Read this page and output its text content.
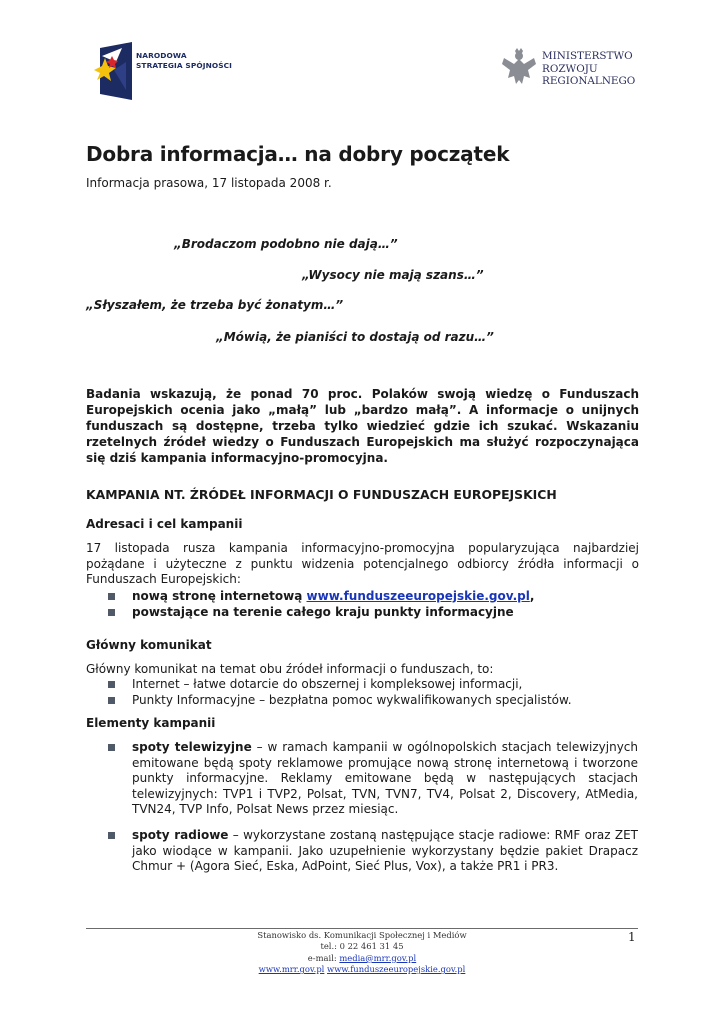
NARODOWA
STRATEGIA SPÓJNOŚCI
MINISTERSTWO
ROZWOJU
REGIONALNEGO
Dobra informacja… na dobry początek
Informacja prasowa, 17 listopada 2008 r.
„Brodaczom podobno nie dają…”
„Wysocy nie mają szans…”
„Słyszałem, że trzeba być żonatym…”
„Mówią, że pianiści to dostają od razu…”
Badania wskazują, że ponad 70 proc. Polaków swoją wiedzę o Funduszach Europejskich ocenia jako „małą” lub „bardzo małą”. A informacje o unijnych funduszach są dostępne, trzeba tylko wiedzieć gdzie ich szukać. Wskazaniu rzetelnych źródeł wiedzy o Funduszach Europejskich ma służyć rozpoczynająca się dziś kampania informacyjno-promocyjna.
KAMPANIA NT. ŹRÓDEŁ INFORMACJI O FUNDUSZACH EUROPEJSKICH
Adresaci i cel kampanii
17 listopada rusza kampania informacyjno-promocyjna popularyzująca najbardziej pożądane i użyteczne z punktu widzenia potencjalnego odbiorcy źródła informacji o Funduszach Europejskich:
nową stronę internetową www.funduszeeuropejskie.gov.pl,
powstające na terenie całego kraju punkty informacyjne
Główny komunikat
Główny komunikat na temat obu źródeł informacji o funduszach, to:
Internet – łatwe dotarcie do obszernej i kompleksowej informacji,
Punkty Informacyjne – bezpłatna pomoc wykwalifikowanych specjalistów.
Elementy kampanii
spoty telewizyjne – w ramach kampanii w ogólnopolskich stacjach telewizyjnych emitowane będą spoty reklamowe promujące nową stronę internetową i tworzone punkty informacyjne. Reklamy emitowane będą w następujących stacjach telewizyjnych: TVP1 i TVP2, Polsat, TVN, TVN7, TV4, Polsat 2, Discovery, AtMedia, TVN24, TVP Info, Polsat News przez miesiąc.
spoty radiowe – wykorzystane zostaną następujące stacje radiowe: RMF oraz ZET jako wiodące w kampanii. Jako uzupełnienie wykorzystany będzie pakiet Drapacz Chmur + (Agora Sieć, Eska, AdPoint, Sieć Plus, Vox), a także PR1 i PR3.
Stanowisko ds. Komunikacji Społecznej i Mediów
tel.: 0 22 461 31 45
e-mail: media@mrr.gov.pl
www.mrr.gov.pl www.funduszeeuropejskie.gov.pl
1
